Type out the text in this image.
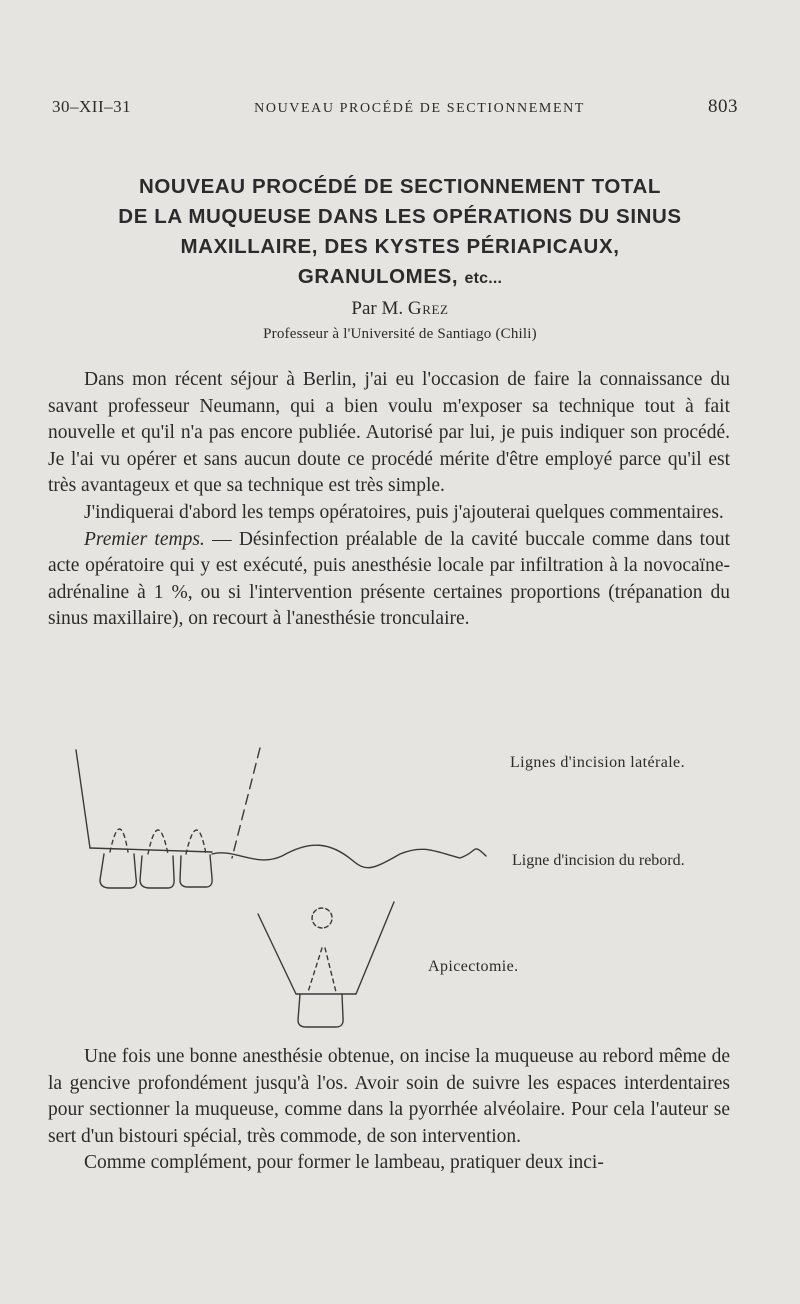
30–XII–31	NOUVEAU PROCÉDÉ DE SECTIONNEMENT	803
NOUVEAU PROCÉDÉ DE SECTIONNEMENT TOTAL
DE LA MUQUEUSE DANS LES OPÉRATIONS DU SINUS
MAXILLAIRE, DES KYSTES PÉRIAPICAUX,
GRANULOMES, etc...
Par M. Grez
Professeur à l'Université de Santiago (Chili)

Dans mon récent séjour à Berlin, j'ai eu l'occasion de faire la connaissance du savant professeur Neumann, qui a bien voulu m'exposer sa technique tout à fait nouvelle et qu'il n'a pas encore publiée. Autorisé par lui, je puis indiquer son procédé. Je l'ai vu opérer et sans aucun doute ce procédé mérite d'être employé parce qu'il est très avantageux et que sa technique est très simple.

J'indiquerai d'abord les temps opératoires, puis j'ajouterai quelques commentaires.

Premier temps. — Désinfection préalable de la cavité buccale comme dans tout acte opératoire qui y est exécuté, puis anesthésie locale par infiltration à la novocaïne-adrénaline à 1 %, ou si l'intervention présente certaines proportions (trépanation du sinus maxillaire), on recourt à l'anesthésie tronculaire.

Lignes d'incision latérale.
Ligne d'incision du rebord.
Apicectomie.

Une fois une bonne anesthésie obtenue, on incise la muqueuse au rebord même de la gencive profondément jusqu'à l'os. Avoir soin de suivre les espaces interdentaires pour sectionner la muqueuse, comme dans la pyorrhée alvéolaire. Pour cela l'auteur se sert d'un bistouri spécial, très commode, de son intervention.

Comme complément, pour former le lambeau, pratiquer deux inci-
